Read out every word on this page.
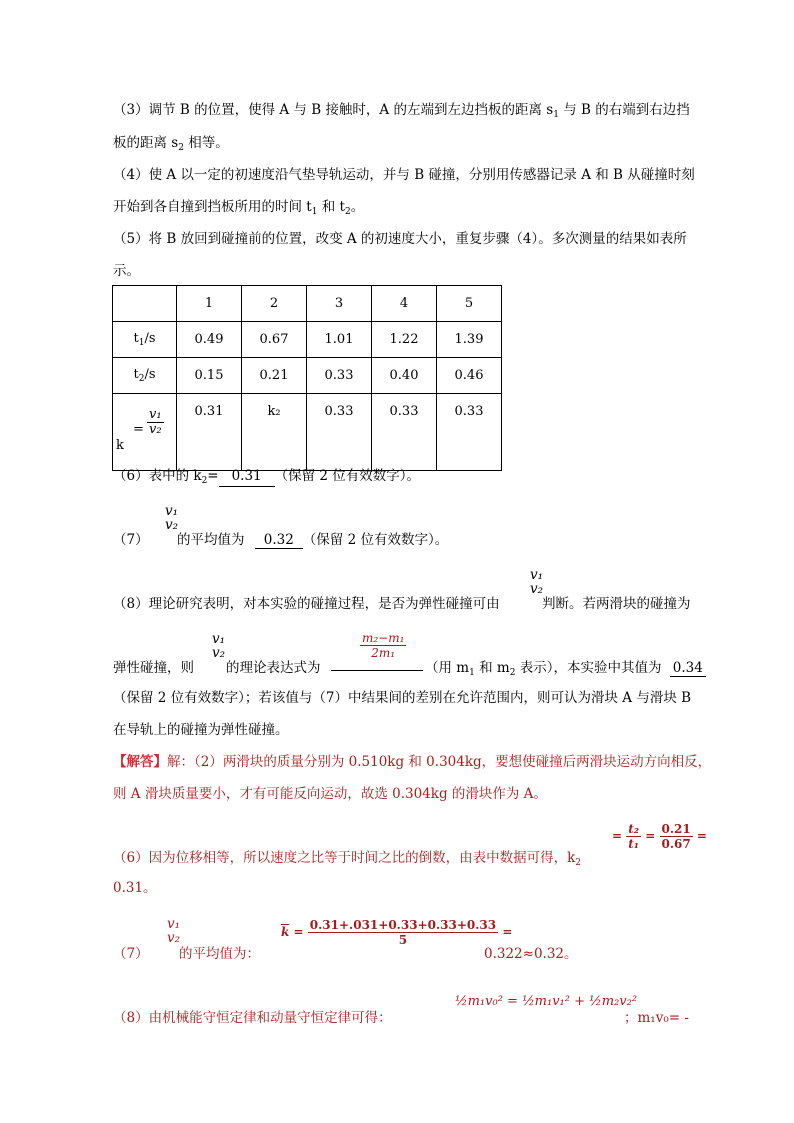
（3）调节 B 的位置，使得 A 与 B 接触时，A 的左端到左边挡板的距离 $s_1$ 与 B 的右端到右边挡
板的距离 $s_2$ 相等。
（4）使 A 以一定的初速度沿气垫导轨运动，并与 B 碰撞，分别用传感器记录 A 和 B 从碰撞时刻
开始到各自撞到挡板所用的时间 $t_1$ 和 $t_2$。
（5）将 B 放回到碰撞前的位置，改变 A 的初速度大小，重复步骤（4）。多次测量的结果如表所
示。
	1	2	3	4	5
$t_1/s$	0.49	0.67	1.01	1.22	1.39
$t_2/s$	0.15	0.21	0.33	0.40	0.46

= $\frac{\text{v₁}}{\text{v₂}}$
k	0.31	k₂	0.33	0.33	0.33
（6）表中的 $k_2= 0.31$ （保留 2 位有效数字）。
（7）
v₁
v₂
的平均值为 0.32 （保留 2 位有效数字）。
（8）理论研究表明，对本实验的碰撞过程，是否为弹性碰撞可由
v₁
v₂
判断。若两滑块的碰撞为
弹性碰撞，则
v₁
v₂
的理论表达式为
$\frac{\text{m₂−m₁}}{\text{2m₁}}$
（用 $m_1$ 和 $m_2$ 表示），本实验中其值为 0.34
（保留 2 位有效数字）；若该值与（7）中结果间的差别在允许范围内，则可认为滑块 A 与滑块 B
在导轨上的碰撞为弹性碰撞。
【解答】解：（2）两滑块的质量分别为 0.510kg 和 0.304kg，要想使碰撞后两滑块运动方向相反，
则 A 滑块质量要小，才有可能反向运动，故选 0.304kg 的滑块作为 A。
（6）因为位移相等，所以速度之比等于时间之比的倒数，由表中数据可得，$k_2$
= $\frac{\text{t₂}}{\text{t₁}} = \frac{0.21}{0.67}$ =
0.31。
（7）
v₁
v₂
的平均值为：
$\overline{k} = \frac{0.31+.031+0.33+0.33+0.33}{5}$ =
0.322≈0.32。
（8）由机械能守恒定律和动量守恒定律可得：
½m₁v₀² = ½m₁v₁² + ½m₂v₂²
；m₁v₀= -
